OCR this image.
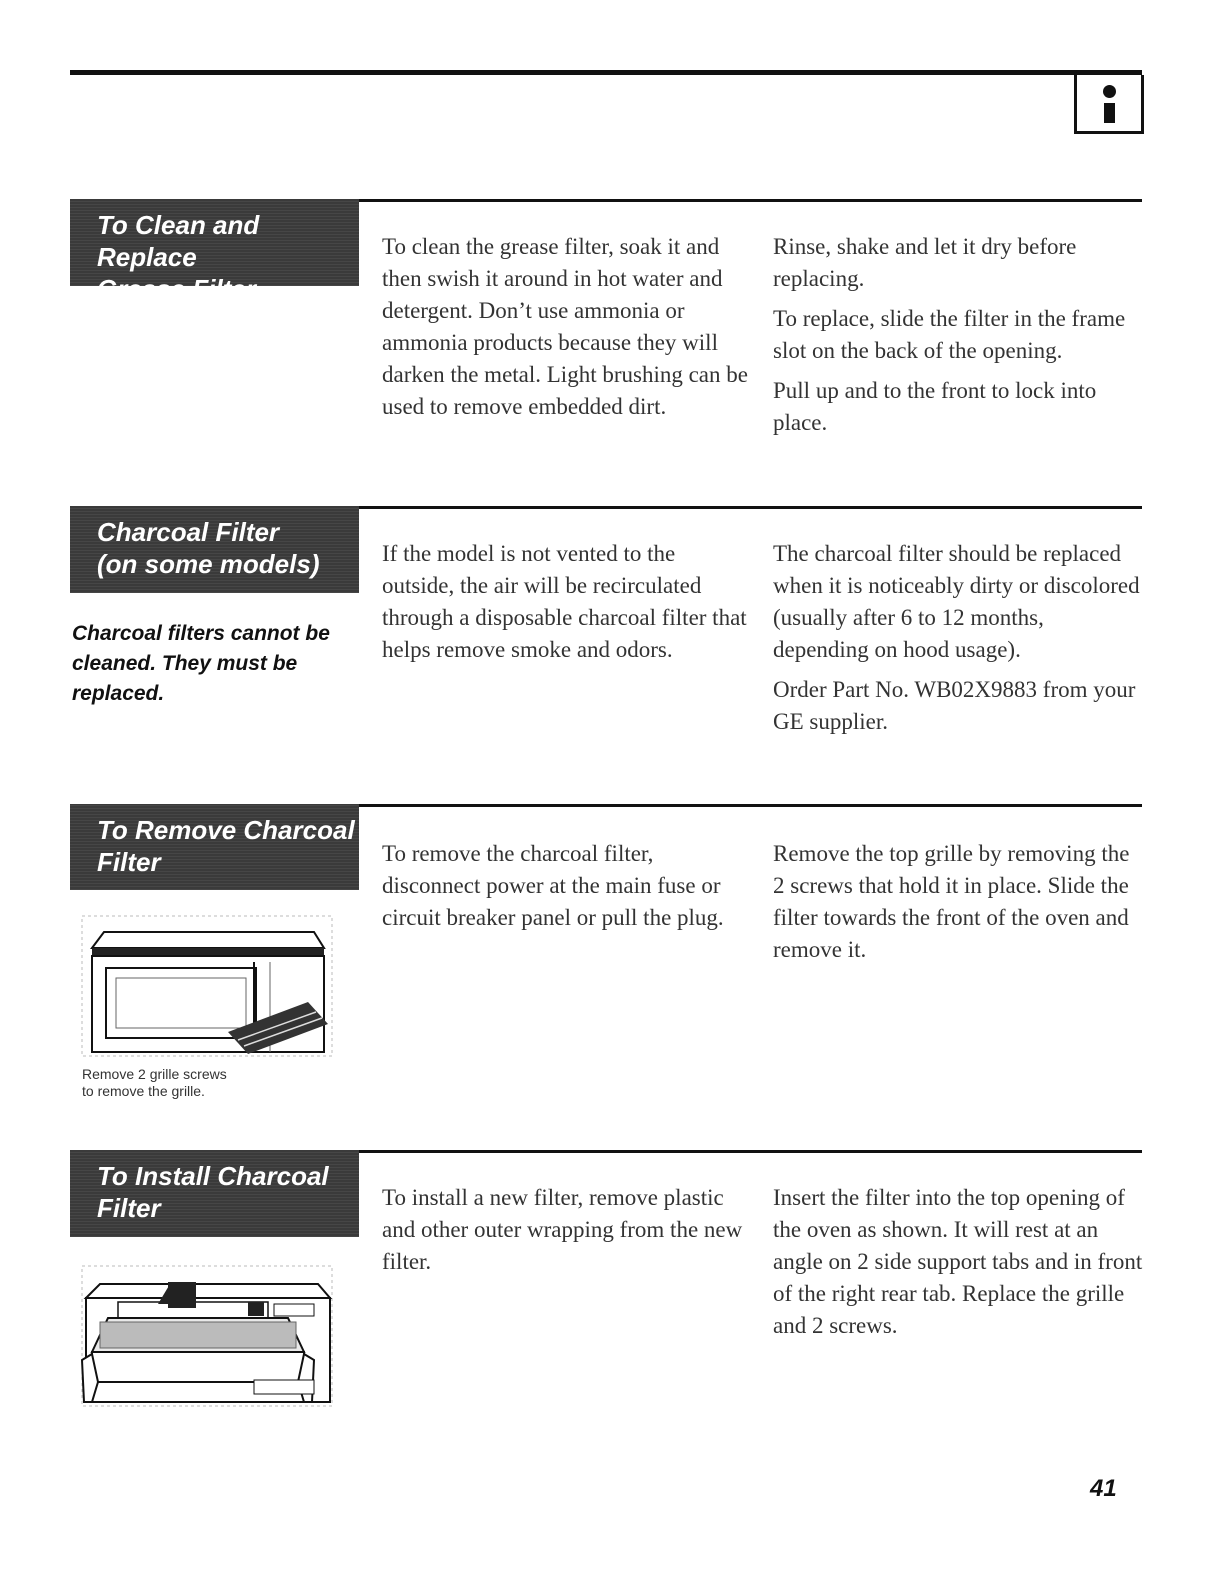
To Clean and Replace
Grease Filter

To clean the grease filter, soak it and then swish it around in hot water and detergent. Don’t use ammonia or ammonia products because they will darken the metal. Light brushing can be used to remove embedded dirt.

Rinse, shake and let it dry before replacing.

To replace, slide the filter in the frame slot on the back of the opening.

Pull up and to the front to lock into place.

Charcoal Filter
(on some models)
Charcoal filters cannot be cleaned. They must be replaced.

If the model is not vented to the outside, the air will be recirculated through a disposable charcoal filter that helps remove smoke and odors.

The charcoal filter should be replaced when it is noticeably dirty or discolored (usually after 6 to 12 months, depending on hood usage).

Order Part No. WB02X9883 from your GE supplier.

To Remove Charcoal
Filter	To remove the charcoal filter, disconnect power at the main fuse or circuit breaker panel or pull the plug.

Remove the top grille by removing the 2 screws that hold it in place. Slide the filter towards the front of the oven and remove it.

Remove 2 grille screws
to remove the grille.
To Install Charcoal
Filter	To install a new filter, remove plastic and other outer wrapping from the new filter.

Insert the filter into the top opening of the oven as shown. It will rest at an angle on 2 side support tabs and in front of the right rear tab. Replace the grille and 2 screws.

41
